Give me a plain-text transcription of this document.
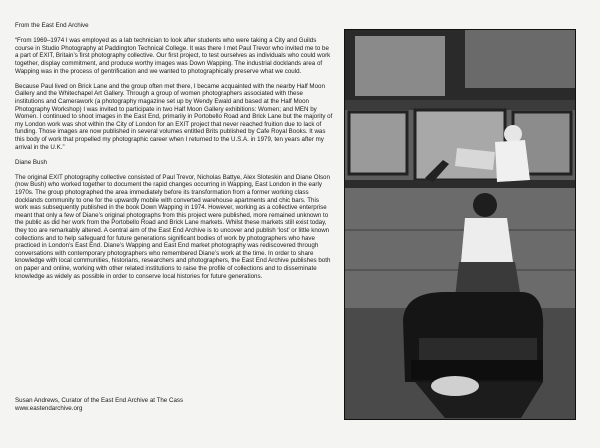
From the East End Archive

“From 1969–1974 I was employed as a lab technician to look after students who were taking a City and Guilds course in Studio Photography at Paddington Technical College. It was there I met Paul Trevor who invited me to be a part of EXIT, Britain’s first photography collective. Our first project, to test ourselves as individuals who could work together, display commitment, and produce worthy images was Down Wapping. The industrial docklands area of Wapping was in the process of gentrification and we wanted to photographically preserve what we could.

Because Paul lived on Brick Lane and the group often met there, I became acquainted with the nearby Half Moon Gallery and the Whitechapel Art Gallery. Through a group of women photographers associated with these institutions and Camerawork (a photography magazine set up by Wendy Ewald and based at the Half Moon Photography Workshop) I was invited to participate in two Half Moon Gallery exhibitions: Women; and MEN by Women. I continued to shoot images in the East End, primarily in Portobello Road and Brick Lane but the majority of my London work was shot within the City of London for an EXIT project that never reached fruition due to lack of funding. Those images are now published in several volumes entitled Brits published by Cafe Royal Books. It was this body of work that propelled my photographic career when I returned to the U.S.A. in 1979, ten years after my arrival in the U.K.”

Diane Bush

The original EXIT photography collective consisted of Paul Trevor, Nicholas Battye, Alex Sloteskin and Diane Olson (now Bush) who worked together to document the rapid changes occurring in Wapping, East London in the early 1970s. The group photographed the area immediately before its transformation from a former working class docklands community to one for the upwardly mobile with converted warehouse apartments and chic bars. This work was subsequently published in the book Down Wapping in 1974. However, working as a collective enterprise meant that only a few of Diane’s original photographs from this project were published, more remained unknown to the public as did her work from the Portobello Road and Brick Lane markets. Whilst these markets still exist today, they too are remarkably altered. A central aim of the East End Archive is to uncover and publish ‘lost’ or little known collections and to help safeguard for future generations significant bodies of work by photographers who have practiced in London’s East End. Diane’s Wapping and East End market photography was rediscovered through conversations with contemporary photographers who remembered Diane’s work at the time. In order to share knowledge with local communities, historians, researchers and photographers, the East End Archive publishes both on paper and online, working with other related institutions to raise the profile of collections and to disseminate knowledge as widely as possible in order to conserve local histories for future generations.

Susan Andrews, Curator of the East End Archive at The Cass
www.eastendarchive.org
